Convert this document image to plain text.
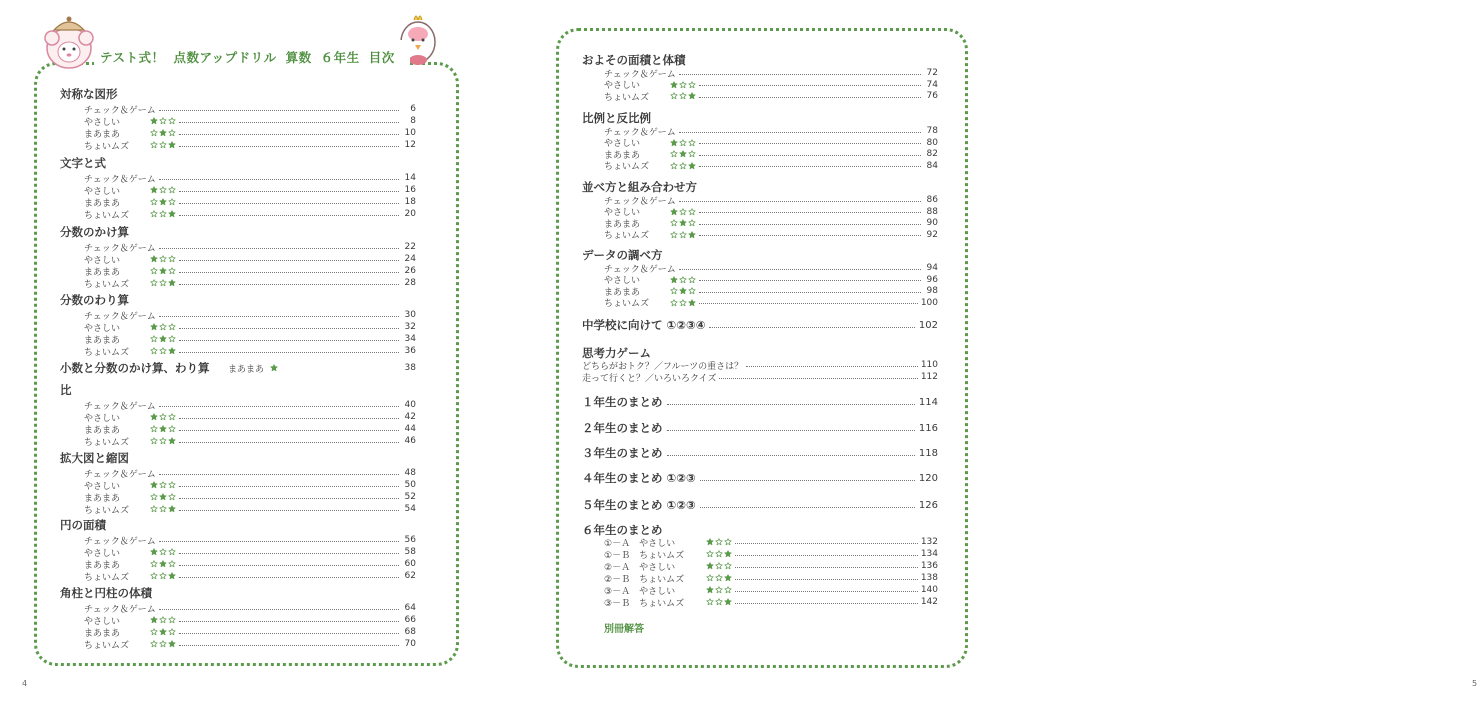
4	5
テスト式！ 点数アップドリル 算数 ６年生 目次
対称な図形
チェック＆ゲーム	6
やさしい	8
まあまあ	10
ちょいムズ	12
文字と式
チェック＆ゲーム	14
やさしい	16
まあまあ	18
ちょいムズ	20
分数のかけ算
チェック＆ゲーム	22
やさしい	24
まあまあ	26
ちょいムズ	28
分数のわり算
チェック＆ゲーム	30
やさしい	32
まあまあ	34
ちょいムズ	36
小数と分数のかけ算、わり算 まあまあ	38
比
チェック＆ゲーム	40
やさしい	42
まあまあ	44
ちょいムズ	46
拡大図と縮図
チェック＆ゲーム	48
やさしい	50
まあまあ	52
ちょいムズ	54
円の面積
チェック＆ゲーム	56
やさしい	58
まあまあ	60
ちょいムズ	62
角柱と円柱の体積
チェック＆ゲーム	64
やさしい	66
まあまあ	68
ちょいムズ	70
およその面積と体積
チェック＆ゲーム	72
やさしい	74
ちょいムズ	76
比例と反比例
チェック＆ゲーム	78
やさしい	80
まあまあ	82
ちょいムズ	84
並べ方と組み合わせ方
チェック＆ゲーム	86
やさしい	88
まあまあ	90
ちょいムズ	92
データの調べ方
チェック＆ゲーム	94
やさしい	96
まあまあ	98
ちょいムズ	100
中学校に向けて ①②③④	102
思考力ゲーム
どちらがおトク？／フルーツの重さは？	110
走って行くと？／いろいろクイズ	112
１年生のまとめ	114
２年生のまとめ	116
３年生のまとめ	118
４年生のまとめ ①②③	120
５年生のまとめ ①②③	126
６年生のまとめ
①－Ａ　やさしい	132
①－Ｂ　ちょいムズ	134
②－Ａ　やさしい	136
②－Ｂ　ちょいムズ	138
③－Ａ　やさしい	140
③－Ｂ　ちょいムズ	142
別冊解答
